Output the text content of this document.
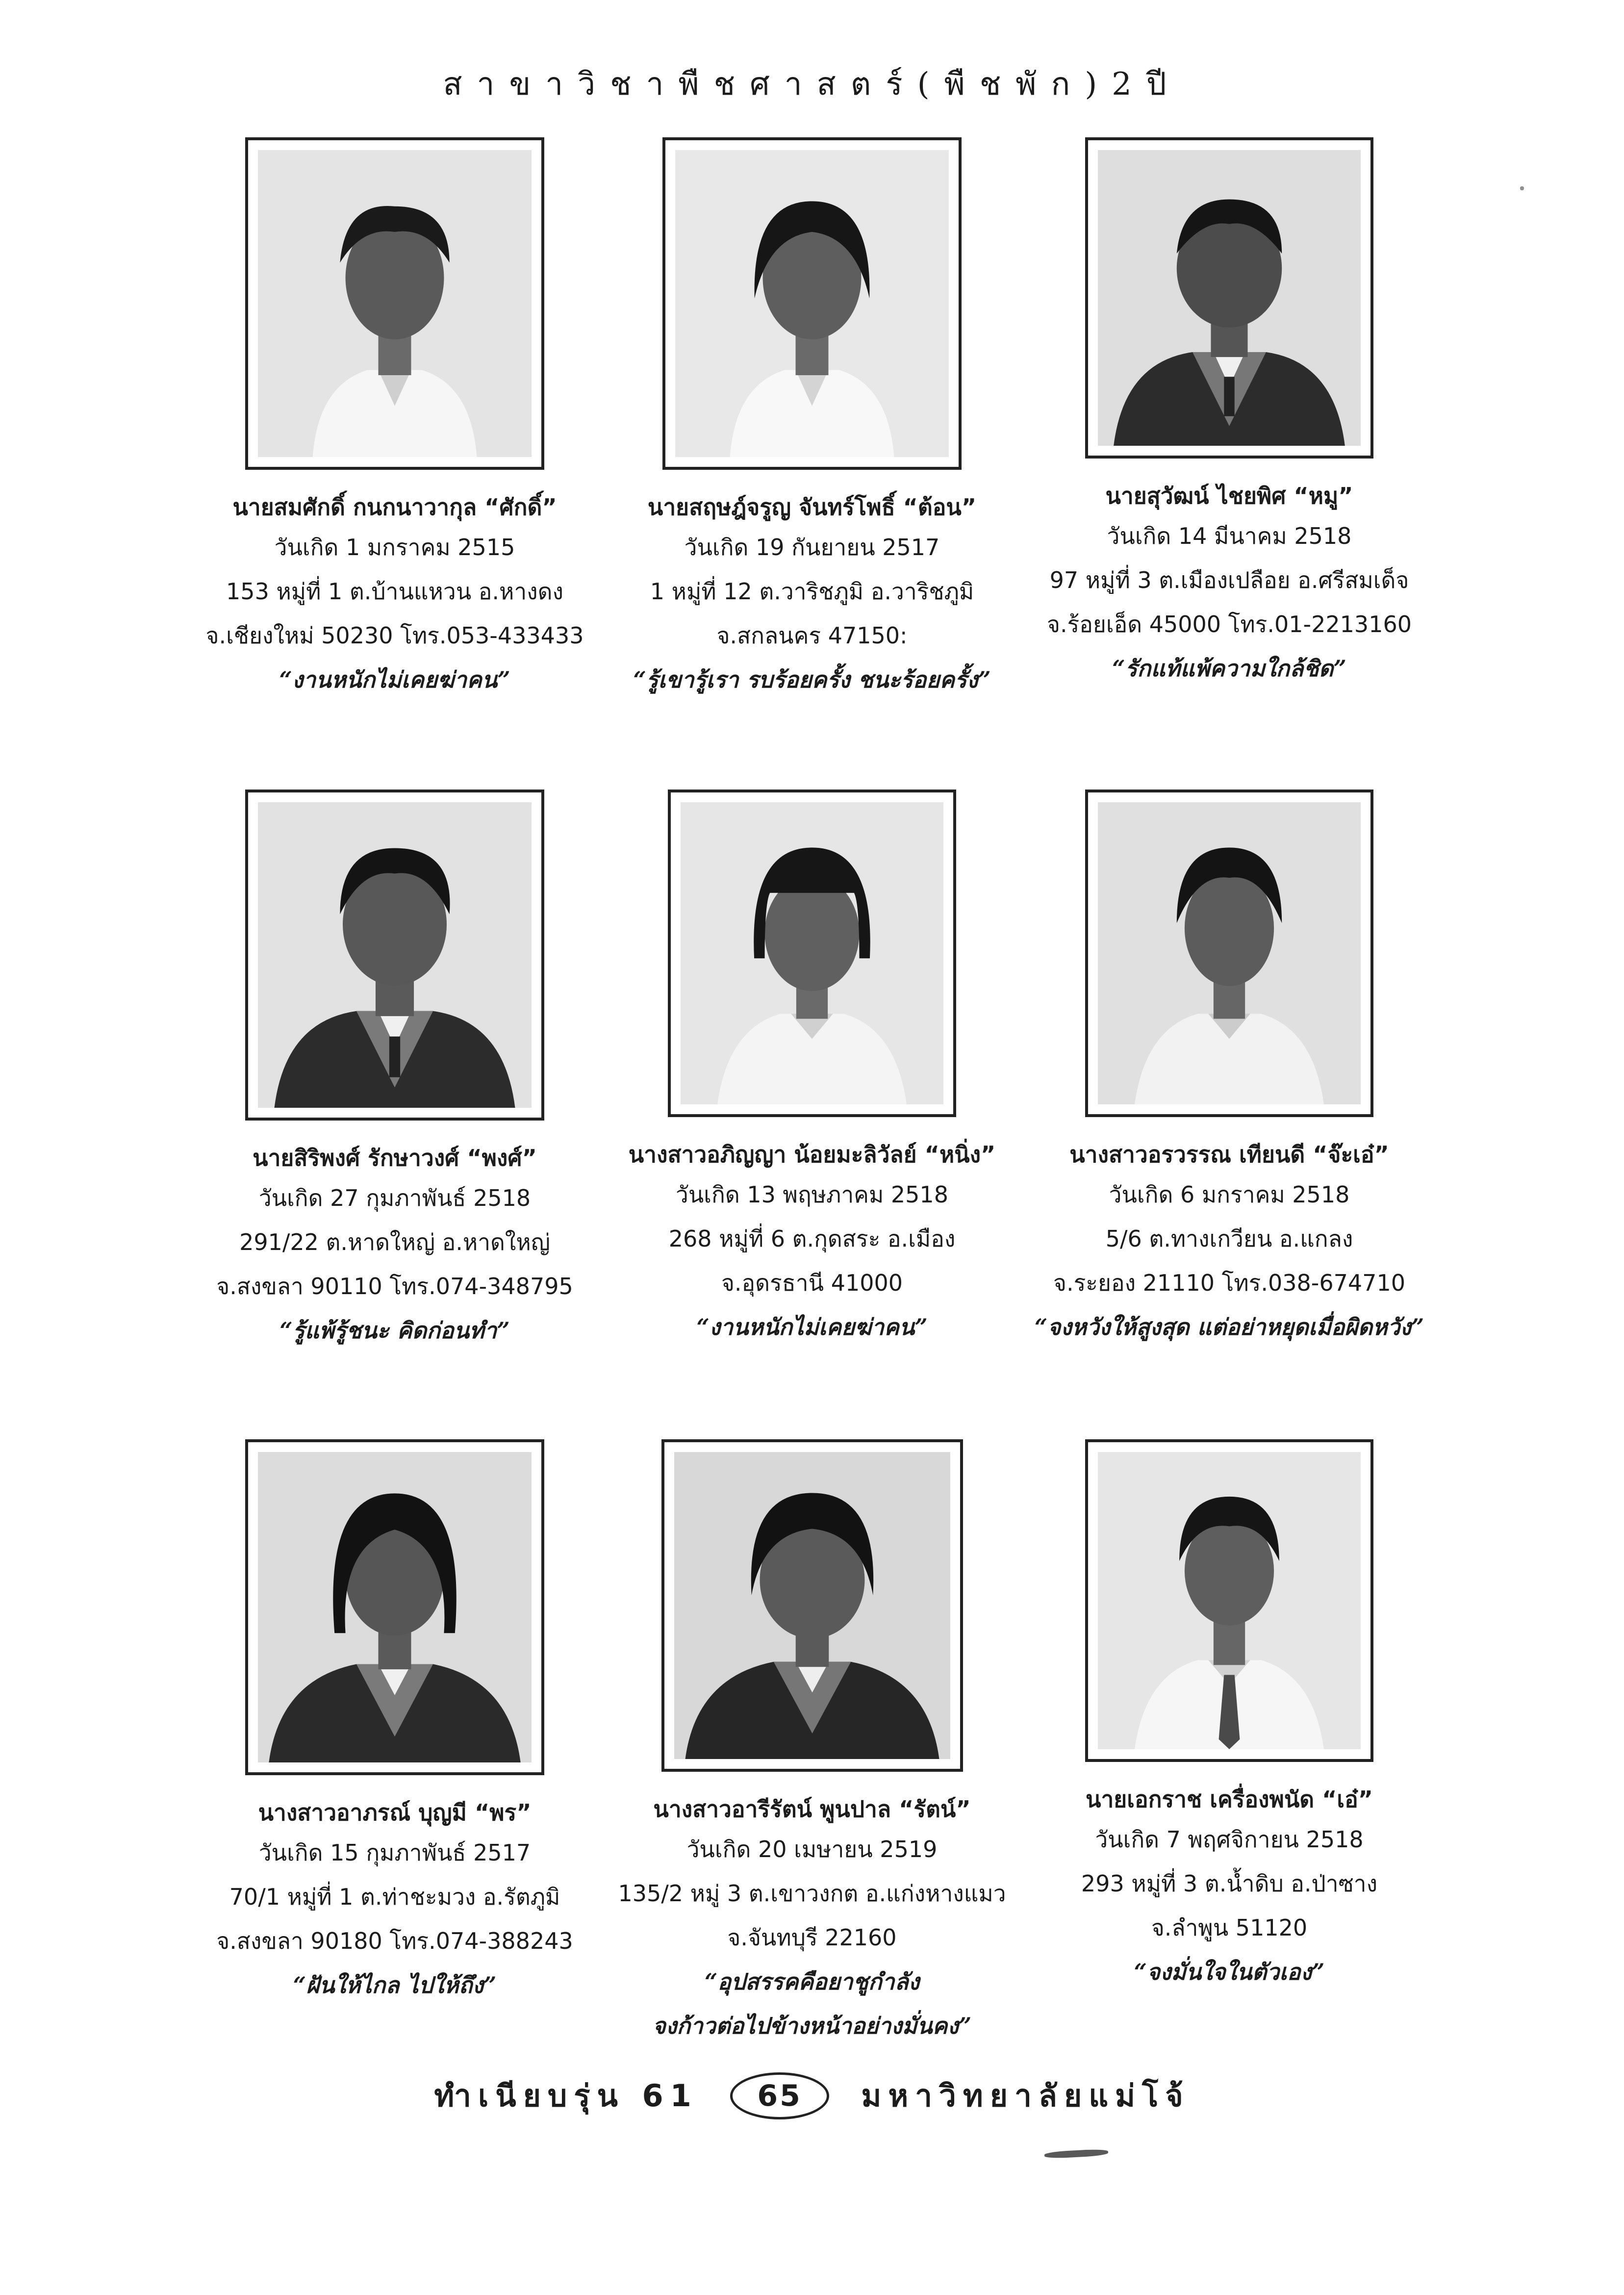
สาขาวิชาพืชศาสตร์(พืชพัก)2ปี
นายสมศักดิ์ กนกนาวากุล “ศักดิ์”
วันเกิด 1 มกราคม 2515
153 หมู่ที่ 1 ต.บ้านแหวน อ.หางดง
จ.เชียงใหม่ 50230 โทร.053-433433
“งานหนักไม่เคยฆ่าคน”
นายสฤษฎ์จรูญ จันทร์โพธิ์ “ต้อน”
วันเกิด 19 กันยายน 2517
1 หมู่ที่ 12 ต.วาริชภูมิ อ.วาริชภูมิ
จ.สกลนคร 47150:
“รู้เขารู้เรา รบร้อยครั้ง ชนะร้อยครั้ง”
นายสุวัฒน์ ไชยพิศ “หมู”
วันเกิด 14 มีนาคม 2518
97 หมู่ที่ 3 ต.เมืองเปลือย อ.ศรีสมเด็จ
จ.ร้อยเอ็ด 45000 โทร.01-2213160
“รักแท้แพ้ความใกล้ชิด”
นายสิริพงศ์ รักษาวงศ์ “พงศ์”
วันเกิด 27 กุมภาพันธ์ 2518
291/22 ต.หาดใหญ่ อ.หาดใหญ่
จ.สงขลา 90110 โทร.074-348795
“รู้แพ้รู้ชนะ คิดก่อนทำ”
นางสาวอภิญญา น้อยมะลิวัลย์ “หนิ่ง”
วันเกิด 13 พฤษภาคม 2518
268 หมู่ที่ 6 ต.กุดสระ อ.เมือง
จ.อุดรธานี 41000
“งานหนักไม่เคยฆ่าคน”
นางสาวอรวรรณ เทียนดี “จ๊ะเอ๋”
วันเกิด 6 มกราคม 2518
5/6 ต.ทางเกวียน อ.แกลง
จ.ระยอง 21110 โทร.038-674710
“จงหวังให้สูงสุด แต่อย่าหยุดเมื่อผิดหวัง”
นางสาวอาภรณ์ บุญมี “พร”
วันเกิด 15 กุมภาพันธ์ 2517
70/1 หมู่ที่ 1 ต.ท่าชะมวง อ.รัตภูมิ
จ.สงขลา 90180 โทร.074-388243
“ฝันให้ไกล ไปให้ถึง”
นางสาวอารีรัตน์ พูนปาล “รัตน์”
วันเกิด 20 เมษายน 2519
135/2 หมู่ 3 ต.เขาวงกต อ.แก่งหางแมว
จ.จันทบุรี 22160
“อุปสรรคคือยาชูกำลัง
จงก้าวต่อไปข้างหน้าอย่างมั่นคง”
นายเอกราช เครื่องพนัด “เอ๋”
วันเกิด 7 พฤศจิกายน 2518
293 หมู่ที่ 3 ต.น้ำดิบ อ.ป่าซาง
จ.ลำพูน 51120
“จงมั่นใจในตัวเอง”
ทำเนียบรุ่น 61 65 มหาวิทยาลัยแม่โจ้
